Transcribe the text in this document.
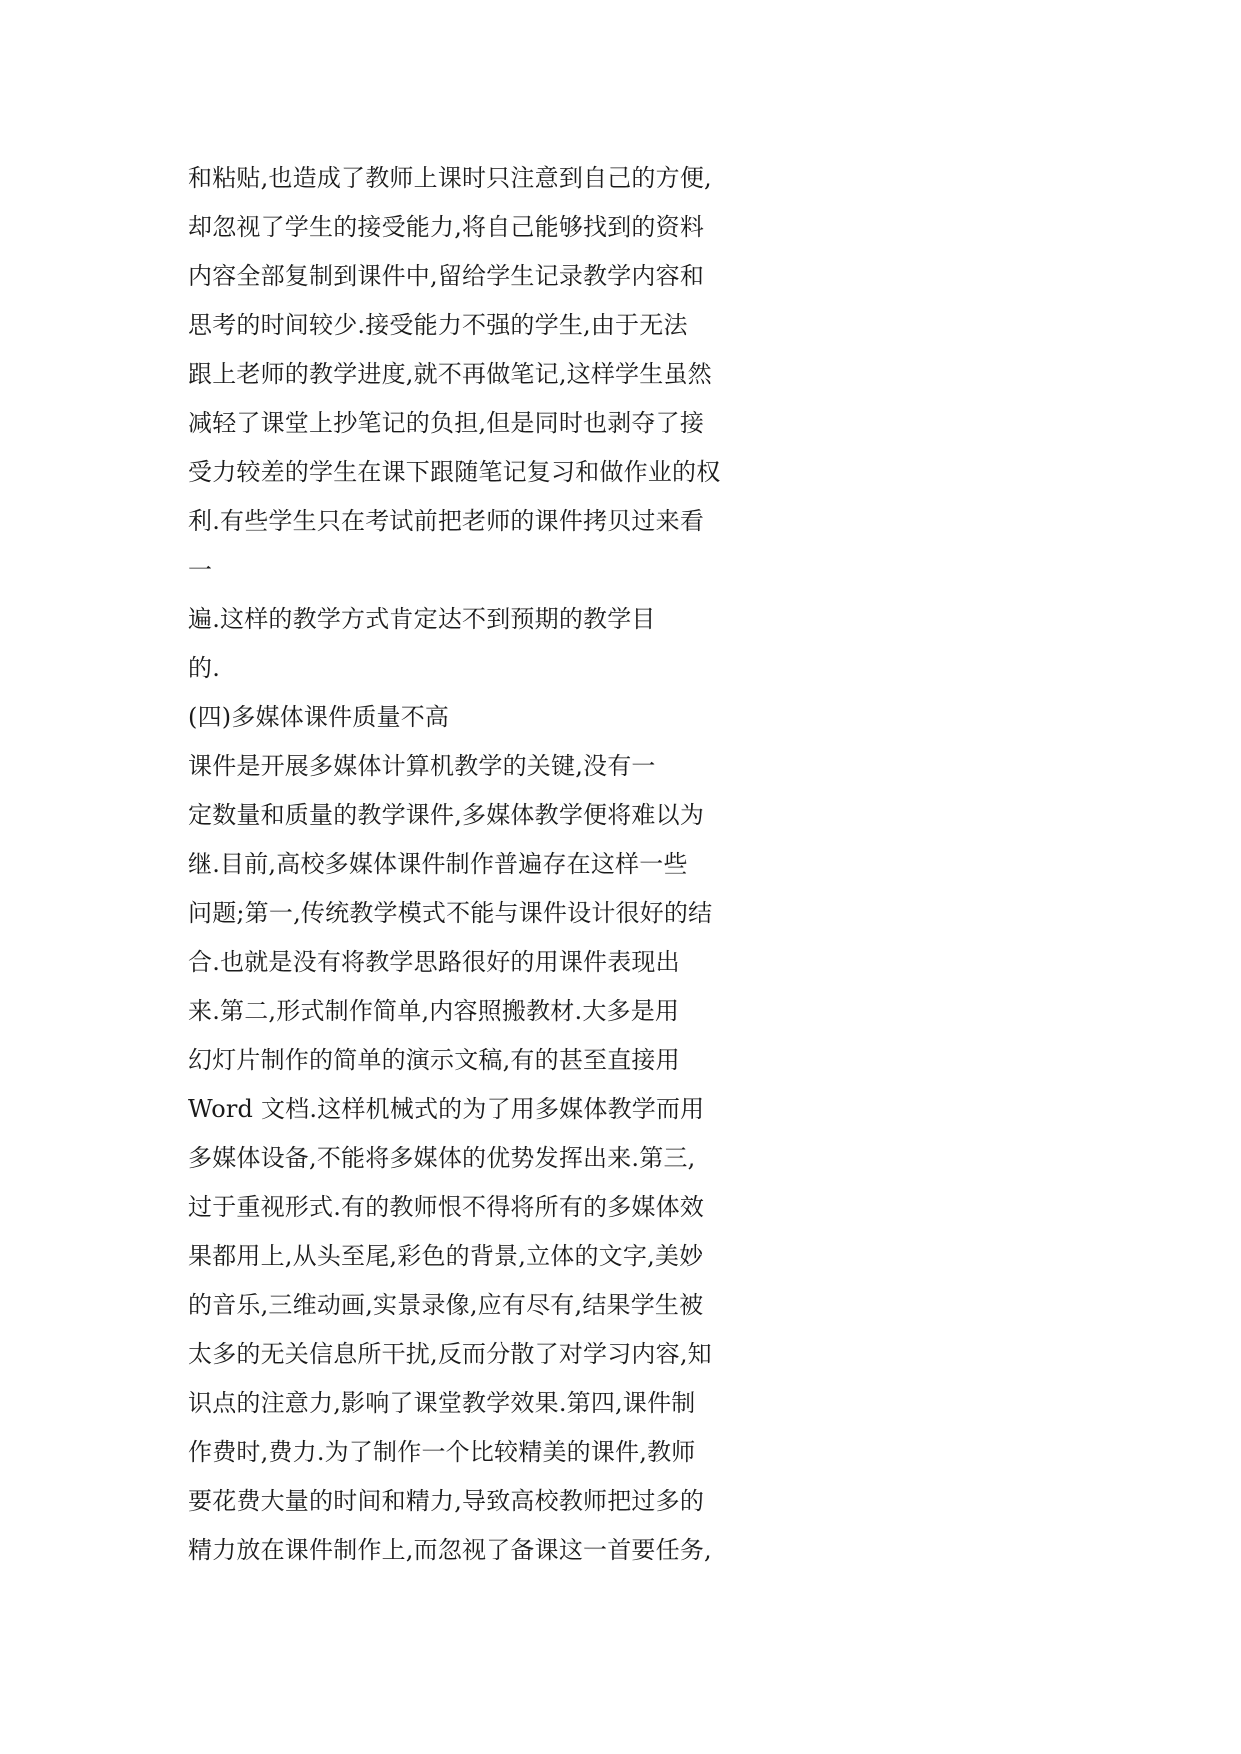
和粘贴,也造成了教师上课时只注意到自己的方便,
却忽视了学生的接受能力,将自己能够找到的资料
内容全部复制到课件中,留给学生记录教学内容和
思考的时间较少.接受能力不强的学生,由于无法
跟上老师的教学进度,就不再做笔记,这样学生虽然
减轻了课堂上抄笔记的负担,但是同时也剥夺了接
受力较差的学生在课下跟随笔记复习和做作业的权
利.有些学生只在考试前把老师的课件拷贝过来看
一
遍.这样的教学方式肯定达不到预期的教学目
的.
(四)多媒体课件质量不高
课件是开展多媒体计算机教学的关键,没有一
定数量和质量的教学课件,多媒体教学便将难以为
继.目前,高校多媒体课件制作普遍存在这样一些
问题;第一,传统教学模式不能与课件设计很好的结
合.也就是没有将教学思路很好的用课件表现出
来.第二,形式制作简单,内容照搬教材.大多是用
幻灯片制作的简单的演示文稿,有的甚至直接用
Word 文档.这样机械式的为了用多媒体教学而用
多媒体设备,不能将多媒体的优势发挥出来.第三,
过于重视形式.有的教师恨不得将所有的多媒体效
果都用上,从头至尾,彩色的背景,立体的文字,美妙
的音乐,三维动画,实景录像,应有尽有,结果学生被
太多的无关信息所干扰,反而分散了对学习内容,知
识点的注意力,影响了课堂教学效果.第四,课件制
作费时,费力.为了制作一个比较精美的课件,教师
要花费大量的时间和精力,导致高校教师把过多的
精力放在课件制作上,而忽视了备课这一首要任务,
